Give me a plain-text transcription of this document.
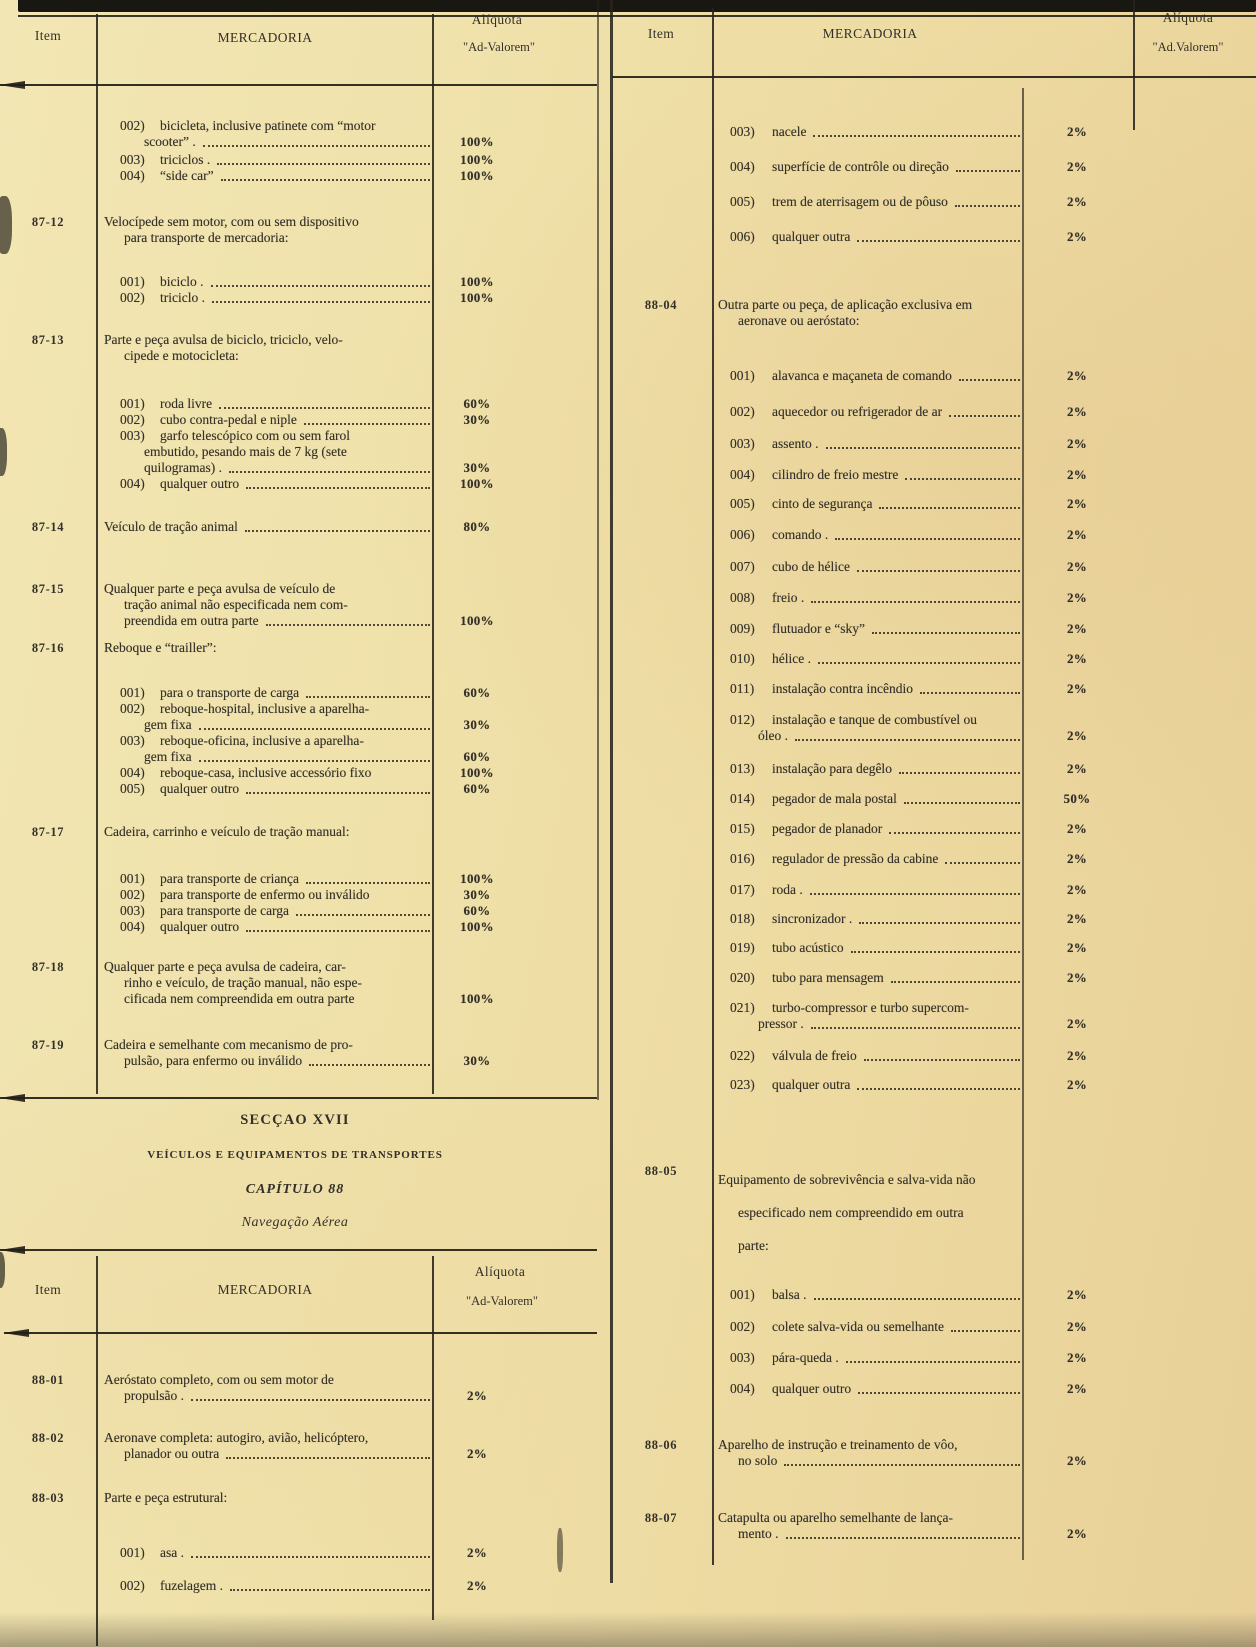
Item	MERCADORIA
Alíquota
"Ad-Valorem"
Item	MERCADORIA
Alíquota
"Ad.Valorem"
002)	bicicleta, inclusive patinete com “motor
scooter” .	100%
003)	triciclos .	100%
004)	“side car”	100%
87-12	Velocípede sem motor, com ou sem dispositivo
para transporte de mercadoria:
001)	biciclo .	100%
002)	triciclo .	100%
87-13	Parte e peça avulsa de biciclo, triciclo, velo-
cipede e motocicleta:
001)	roda livre	60%
002)	cubo contra-pedal e niple	30%
003)	garfo telescópico com ou sem farol
embutido, pesando mais de 7 kg (sete
quilogramas) .	30%
004)	qualquer outro	100%
87-14	Veículo de tração animal	80%
87-15	Qualquer parte e peça avulsa de veículo de
tração animal não especificada nem com-
preendida em outra parte	100%
87-16	Reboque e “trailler”:
001)	para o transporte de carga	60%
002)	reboque-hospital, inclusive a aparelha-
gem fixa	30%
003)	reboque-oficina, inclusive a aparelha-
gem fixa	60%
004)	reboque-casa, inclusive accessório fixo	100%
005)	qualquer outro	60%
87-17	Cadeira, carrinho e veículo de tração manual:
001)	para transporte de criança	100%
002)	para transporte de enfermo ou inválido	30%
003)	para transporte de carga	60%
004)	qualquer outro	100%
87-18	Qualquer parte e peça avulsa de cadeira, car-
rinho e veículo, de tração manual, não espe-
cificada nem compreendida em outra parte	100%
87-19	Cadeira e semelhante com mecanismo de pro-
pulsão, para enfermo ou inválido	30%
SECÇAO XVII
VEÍCULOS E EQUIPAMENTOS DE TRANSPORTES
CAPÍTULO 88
Navegação Aérea
Item	MERCADORIA
Alíquota
"Ad-Valorem"
88-01	Aeróstato completo, com ou sem motor de
propulsão .	2%
88-02	Aeronave completa: autogiro, avião, helicóptero,
planador ou outra	2%
88-03	Parte e peça estrutural:
001)	asa .	2%
002)	fuzelagem .	2%
003)	nacele	2%
004)	superfície de contrôle ou direção	2%
005)	trem de aterrisagem ou de pôuso	2%
006)	qualquer outra	2%
88-04	Outra parte ou peça, de aplicação exclusiva em
aeronave ou aeróstato:
001)	alavanca e maçaneta de comando	2%
002)	aquecedor ou refrigerador de ar	2%
003)	assento .	2%
004)	cilindro de freio mestre	2%
005)	cinto de segurança	2%
006)	comando .	2%
007)	cubo de hélice	2%
008)	freio .	2%
009)	flutuador e “sky”	2%
010)	hélice .	2%
011)	instalação contra incêndio	2%
012)	instalação e tanque de combustível ou
óleo .	2%
013)	instalação para degêlo	2%
014)	pegador de mala postal	50%
015)	pegador de planador	2%
016)	regulador de pressão da cabine	2%
017)	roda .	2%
018)	sincronizador .	2%
019)	tubo acústico	2%
020)	tubo para mensagem	2%
021)	turbo-compressor e turbo supercom-
pressor .	2%
022)	válvula de freio	2%
023)	qualquer outra	2%
88-05
Equipamento de sobrevivência e salva-vida não
especificado nem compreendido em outra
parte:
001)	balsa .	2%
002)	colete salva-vida ou semelhante	2%
003)	pára-queda .	2%
004)	qualquer outro	2%
88-06	Aparelho de instrução e treinamento de vôo,
no solo	2%
88-07	Catapulta ou aparelho semelhante de lança-
mento .	2%
